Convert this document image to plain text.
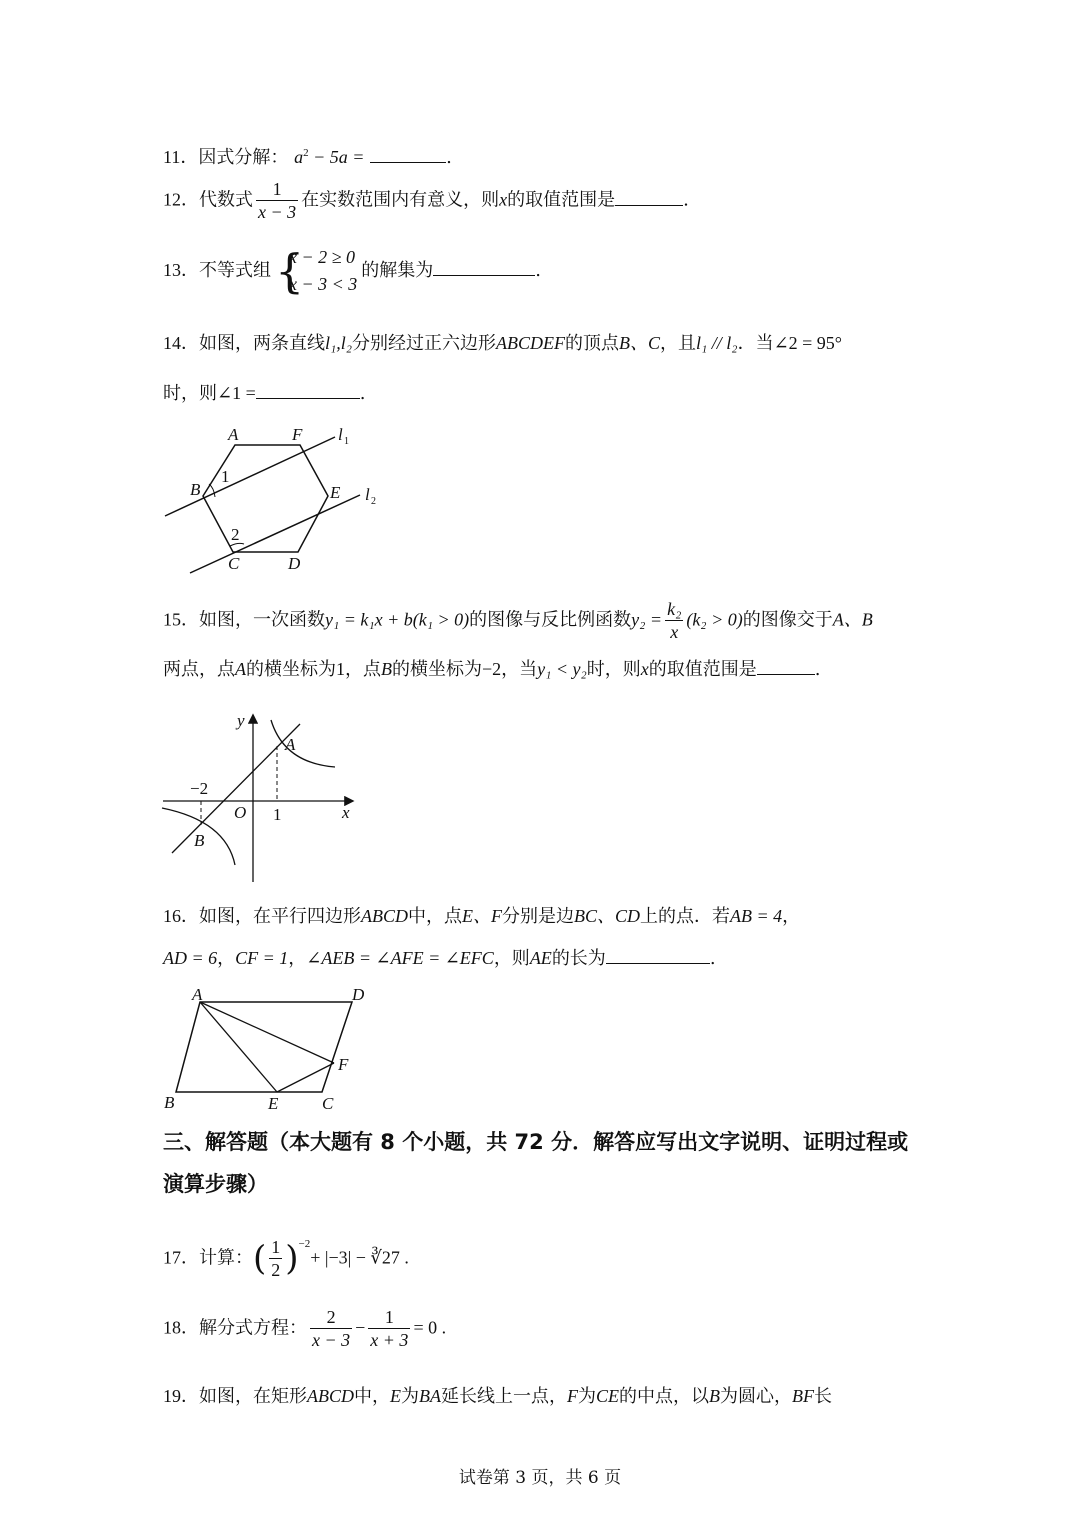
11．因式分解： $a^2 - 5a$ =	.
12．代数式 $\frac{1}{x - 3}$ 在实数范围内有意义，则x的取值范围是	.
13．不等式组 {
x − 2 ≥ 0
x − 3 < 3
的解集为	.
14．如图，两条直线l₁,l₂分别经过正六边形ABCDEF的顶点B、C，且l₁ // l₂．当∠2 = 95°
时，则∠1 =	.
A	F
B	E
C	D
1
2
l 1
l 2
15．如图，一次函数y₁ = k₁x + b(k₁ > 0)的图像与反比例函数$y_2 = \frac{\text{k₂}}{x} (k_2 > 0)$的图像交于A、B
两点，点A的横坐标为1，点B的横坐标为−2，当y₁ < y₂时，则x的取值范围是	.
y
x
O
A
B
1
−2
16．如图，在平行四边形ABCD中，点E、F分别是边BC、CD上的点．若AB = 4，
AD = 6，CF = 1，∠AEB = ∠AFE = ∠EFC，则AE的长为	.
A	D
B	E	C
F
三、解答题（本大题有 8 个小题，共 72 分．解答应写出文字说明、证明过程或
演算步骤）
17．计算：( $\frac{1}{2} )^{-2}+ |-3|$ − ∛27 .
18．解分式方程： $\frac{2}{x - 3} - \frac{1}{x + 3} = 0$ .
19．如图，在矩形ABCD中，E为BA延长线上一点，F为CE的中点，以B为圆心，BF长
试卷第 3 页，共 6 页
